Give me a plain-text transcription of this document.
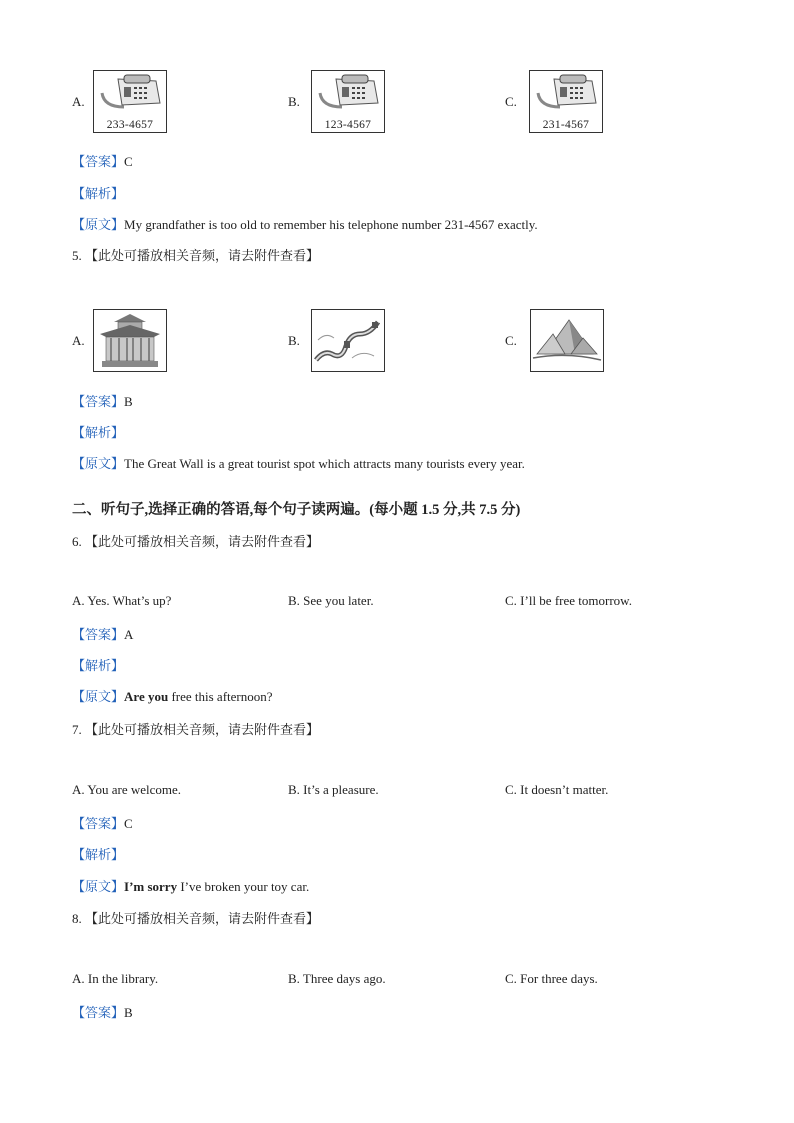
A.
233-4657
B.
123-4567
C.
231-4567
【答案】C
【解析】
【原文】My grandfather is too old to remember his telephone number 231-4567 exactly.
5. 【此处可播放相关音频，请去附件查看】
A.	B.	C.
【答案】B
【解析】
【原文】The Great Wall is a great tourist spot which attracts many tourists every year.
二、听句子,选择正确的答语,每个句子读两遍。(每小题 1.5 分,共 7.5 分)
6. 【此处可播放相关音频，请去附件查看】
A. Yes. What’s up?	B. See you later.	C. I’ll be free tomorrow.
【答案】A
【解析】
【原文】Are you free this afternoon?
7. 【此处可播放相关音频，请去附件查看】
A. You are welcome.	B. It’s a pleasure.	C. It doesn’t matter.
【答案】C
【解析】
【原文】I’m sorry I’ve broken your toy car.
8. 【此处可播放相关音频，请去附件查看】
A. In the library.	B. Three days ago.	C. For three days.
【答案】B
